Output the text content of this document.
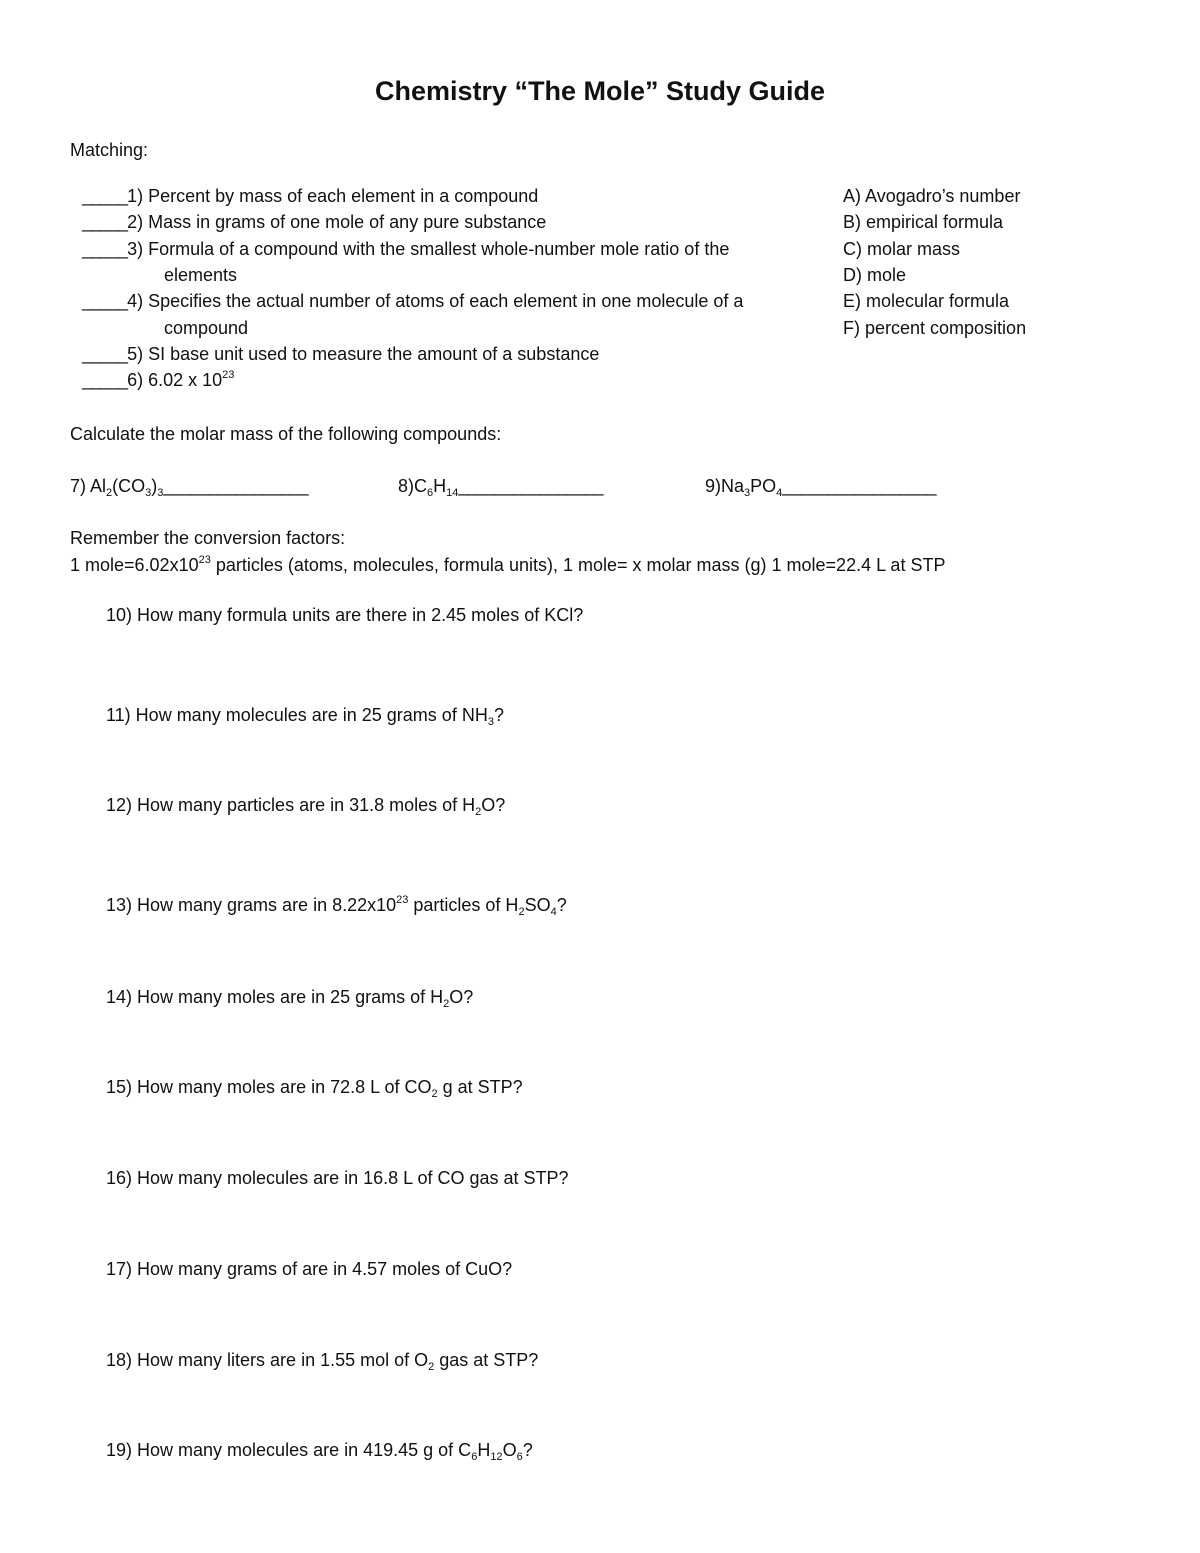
Chemistry “The Mole” Study Guide
Matching:
_____1) Percent by mass of each element in a compound
_____2) Mass in grams of one mole of any pure substance
_____3) Formula of a compound with the smallest whole-number mole ratio of the
elements
_____4) Specifies the actual number of atoms of each element in one molecule of a
compound
_____5) SI base unit used to measure the amount of a substance
_____6) 6.02 x $10^{23}$
A) Avogadro’s number
B) empirical formula
C) molar mass
D) mole
E) molecular formula
F) percent composition
Calculate the molar mass of the following compounds:
7) $Al_2(CO_3)_3\_\_\_\_\_\_\_\_\_\_\_\_\_\_\_\_$	$8)C_6H_{14}\_\_\_\_\_\_\_\_\_\_\_\_\_\_\_\_$	$9)Na_3PO_4\_\_\_\_\_\_\_\_\_\_\_\_\_\_\_\_\_$
Remember the conversion factors:
1 $mole=6.02x10^{23}$ particles (atoms, molecules, formula units), 1 mole= x molar mass (g) 1 mole=22.4 L at STP
10) How many formula units are there in 2.45 moles of KCl?
11) How many molecules are in 25 grams of $NH_3$?
12) How many particles are in 31.8 moles of $H_2O$?
13) How many grams are in $8.22x10^{23}$ particles of $H_2SO_4$?
14) How many moles are in 25 grams of $H_2O$?
15) How many moles are in 72.8 L of $CO_2$ g at STP?
16) How many molecules are in 16.8 L of CO gas at STP?
17) How many grams of are in 4.57 moles of CuO?
18) How many liters are in 1.55 mol of $O_2$ gas at STP?
19) How many molecules are in 419.45 g of $C_6H_{12}O_6$?
